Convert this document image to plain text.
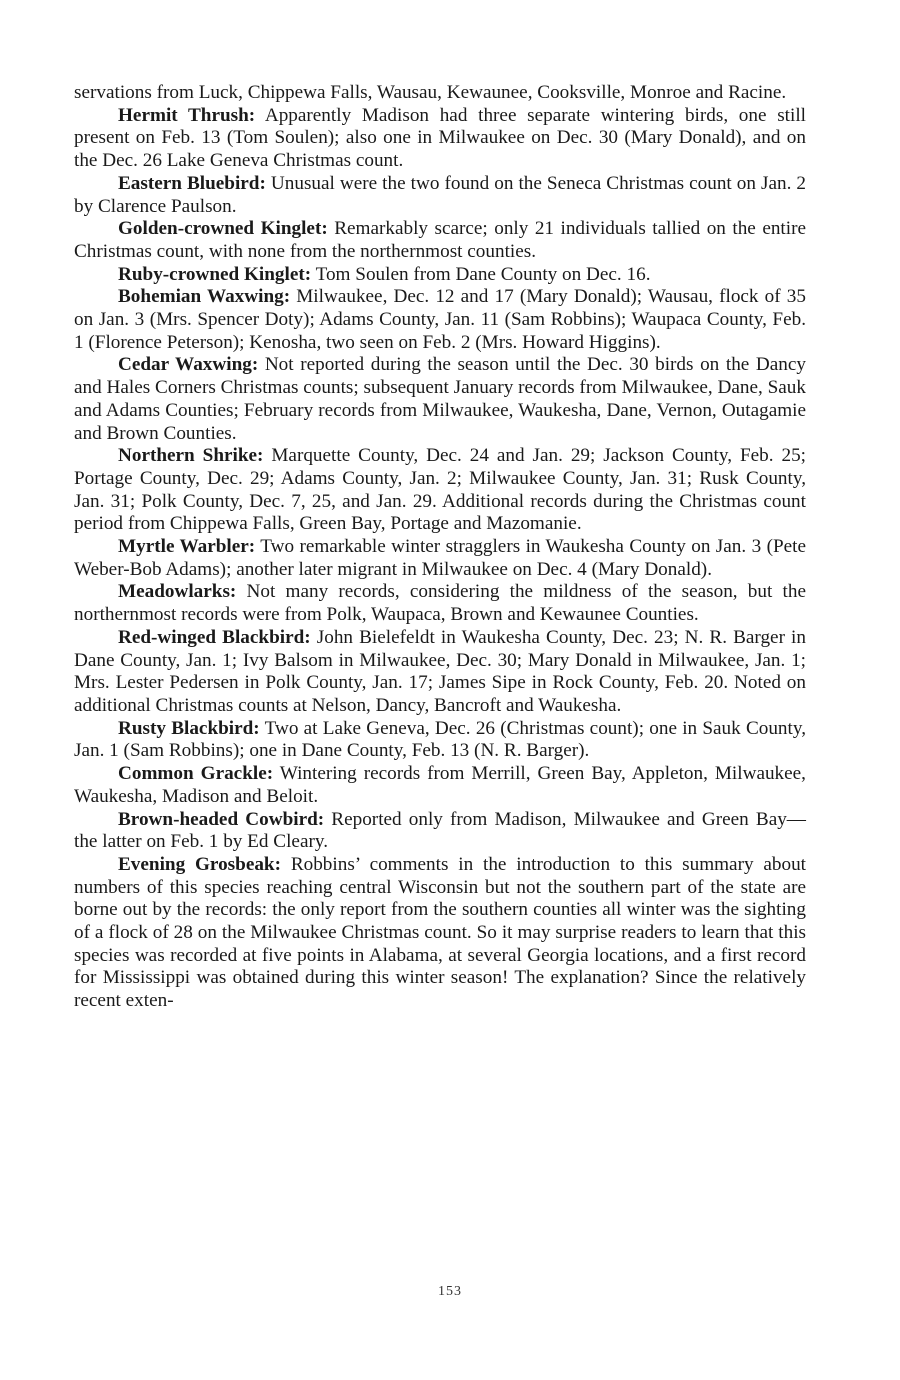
servations from Luck, Chippewa Falls, Wausau, Kewaunee, Cooksville, Monroe and Racine.

Hermit Thrush: Apparently Madison had three separate wintering birds, one still present on Feb. 13 (Tom Soulen); also one in Milwaukee on Dec. 30 (Mary Donald), and on the Dec. 26 Lake Geneva Christmas count.

Eastern Bluebird: Unusual were the two found on the Seneca Christmas count on Jan. 2 by Clarence Paulson.

Golden-crowned Kinglet: Remarkably scarce; only 21 individuals tallied on the entire Christmas count, with none from the northernmost counties.

Ruby-crowned Kinglet: Tom Soulen from Dane County on Dec. 16.

Bohemian Waxwing: Milwaukee, Dec. 12 and 17 (Mary Donald); Wausau, flock of 35 on Jan. 3 (Mrs. Spencer Doty); Adams County, Jan. 11 (Sam Robbins); Waupaca County, Feb. 1 (Florence Peterson); Kenosha, two seen on Feb. 2 (Mrs. Howard Higgins).

Cedar Waxwing: Not reported during the season until the Dec. 30 birds on the Dancy and Hales Corners Christmas counts; subsequent January records from Milwaukee, Dane, Sauk and Adams Counties; February records from Milwaukee, Waukesha, Dane, Vernon, Outagamie and Brown Counties.

Northern Shrike: Marquette County, Dec. 24 and Jan. 29; Jackson County, Feb. 25; Portage County, Dec. 29; Adams County, Jan. 2; Milwaukee County, Jan. 31; Rusk County, Jan. 31; Polk County, Dec. 7, 25, and Jan. 29. Additional records during the Christmas count period from Chippewa Falls, Green Bay, Portage and Mazomanie.

Myrtle Warbler: Two remarkable winter stragglers in Waukesha County on Jan. 3 (Pete Weber-Bob Adams); another later migrant in Milwaukee on Dec. 4 (Mary Donald).

Meadowlarks: Not many records, considering the mildness of the season, but the northernmost records were from Polk, Waupaca, Brown and Kewaunee Counties.

Red-winged Blackbird: John Bielefeldt in Waukesha County, Dec. 23; N. R. Barger in Dane County, Jan. 1; Ivy Balsom in Milwaukee, Dec. 30; Mary Donald in Milwaukee, Jan. 1; Mrs. Lester Pedersen in Polk County, Jan. 17; James Sipe in Rock County, Feb. 20. Noted on additional Christmas counts at Nelson, Dancy, Bancroft and Waukesha.

Rusty Blackbird: Two at Lake Geneva, Dec. 26 (Christmas count); one in Sauk County, Jan. 1 (Sam Robbins); one in Dane County, Feb. 13 (N. R. Barger).

Common Grackle: Wintering records from Merrill, Green Bay, Appleton, Milwaukee, Waukesha, Madison and Beloit.

Brown-headed Cowbird: Reported only from Madison, Milwaukee and Green Bay—the latter on Feb. 1 by Ed Cleary.

Evening Grosbeak: Robbins’ comments in the introduction to this summary about numbers of this species reaching central Wisconsin but not the southern part of the state are borne out by the records: the only report from the southern counties all winter was the sighting of a flock of 28 on the Milwaukee Christmas count. So it may surprise readers to learn that this species was recorded at five points in Alabama, at several Georgia locations, and a first record for Mississippi was obtained during this winter season! The explanation? Since the relatively recent exten-

153
